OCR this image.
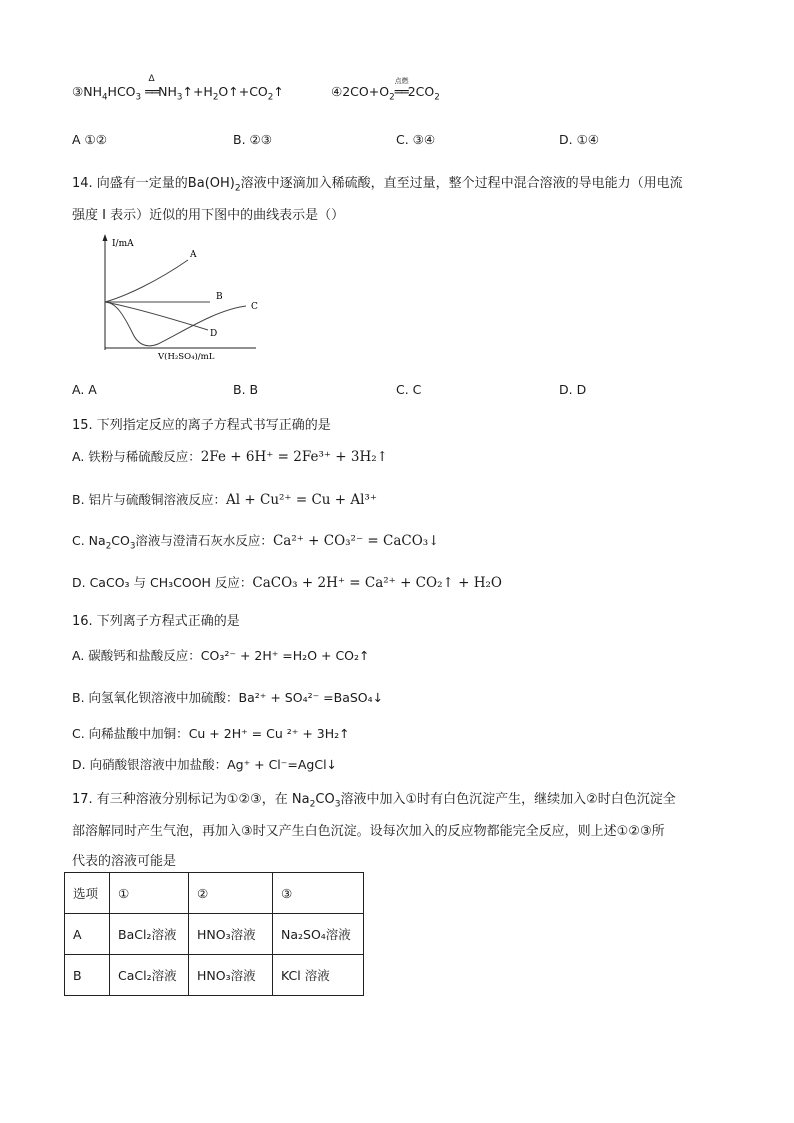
$③NH_4HCO_3$
Δ
$══NH_3↑+H_2O↑+CO_2↑$	$④2CO+O_2$
点燃
$══2CO_2$
A ①②	B. ②③	C. ③④	D. ①④
14. 向盛有一定量的$Ba(OH)_2$溶液中逐滴加入稀硫酸，直至过量，整个过程中混合溶液的导电能力（用电流
强度 I 表示）近似的用下图中的曲线表示是（）
I/mA
V(H₂SO₄)/mL
A
B
C
D
A. A	B. B	C. C	D. D
15. 下列指定反应的离子方程式书写正确的是
A. 铁粉与稀硫酸反应：2Fe + 6H⁺ = 2Fe³⁺ + 3H₂↑
B. 铝片与硫酸铜溶液反应：Al + Cu²⁺ = Cu + Al³⁺
C. $Na_2CO_3$溶液与澄清石灰水反应：Ca²⁺ + CO₃²⁻ = CaCO₃↓
D. CaCO₃ 与 CH₃COOH 反应：CaCO₃ + 2H⁺ = Ca²⁺ + CO₂↑ + H₂O
16. 下列离子方程式正确的是
A. 碳酸钙和盐酸反应：CO₃²⁻ + 2H⁺ =H₂O + CO₂↑
B. 向氢氧化钡溶液中加硫酸：Ba²⁺ + SO₄²⁻ =BaSO₄↓
C. 向稀盐酸中加铜：Cu + 2H⁺ = Cu ²⁺ + 3H₂↑
D. 向硝酸银溶液中加盐酸：Ag⁺ + Cl⁻=AgCl↓
17. 有三种溶液分别标记为①②③，在 $Na_2CO_3$溶液中加入①时有白色沉淀产生，继续加入②时白色沉淀全
部溶解同时产生气泡，再加入③时又产生白色沉淀。设每次加入的反应物都能完全反应，则上述①②③所
代表的溶液可能是
选项	①	②	③
A	BaCl₂溶液	HNO₃溶液	Na₂SO₄溶液
B	CaCl₂溶液	HNO₃溶液	KCl 溶液
